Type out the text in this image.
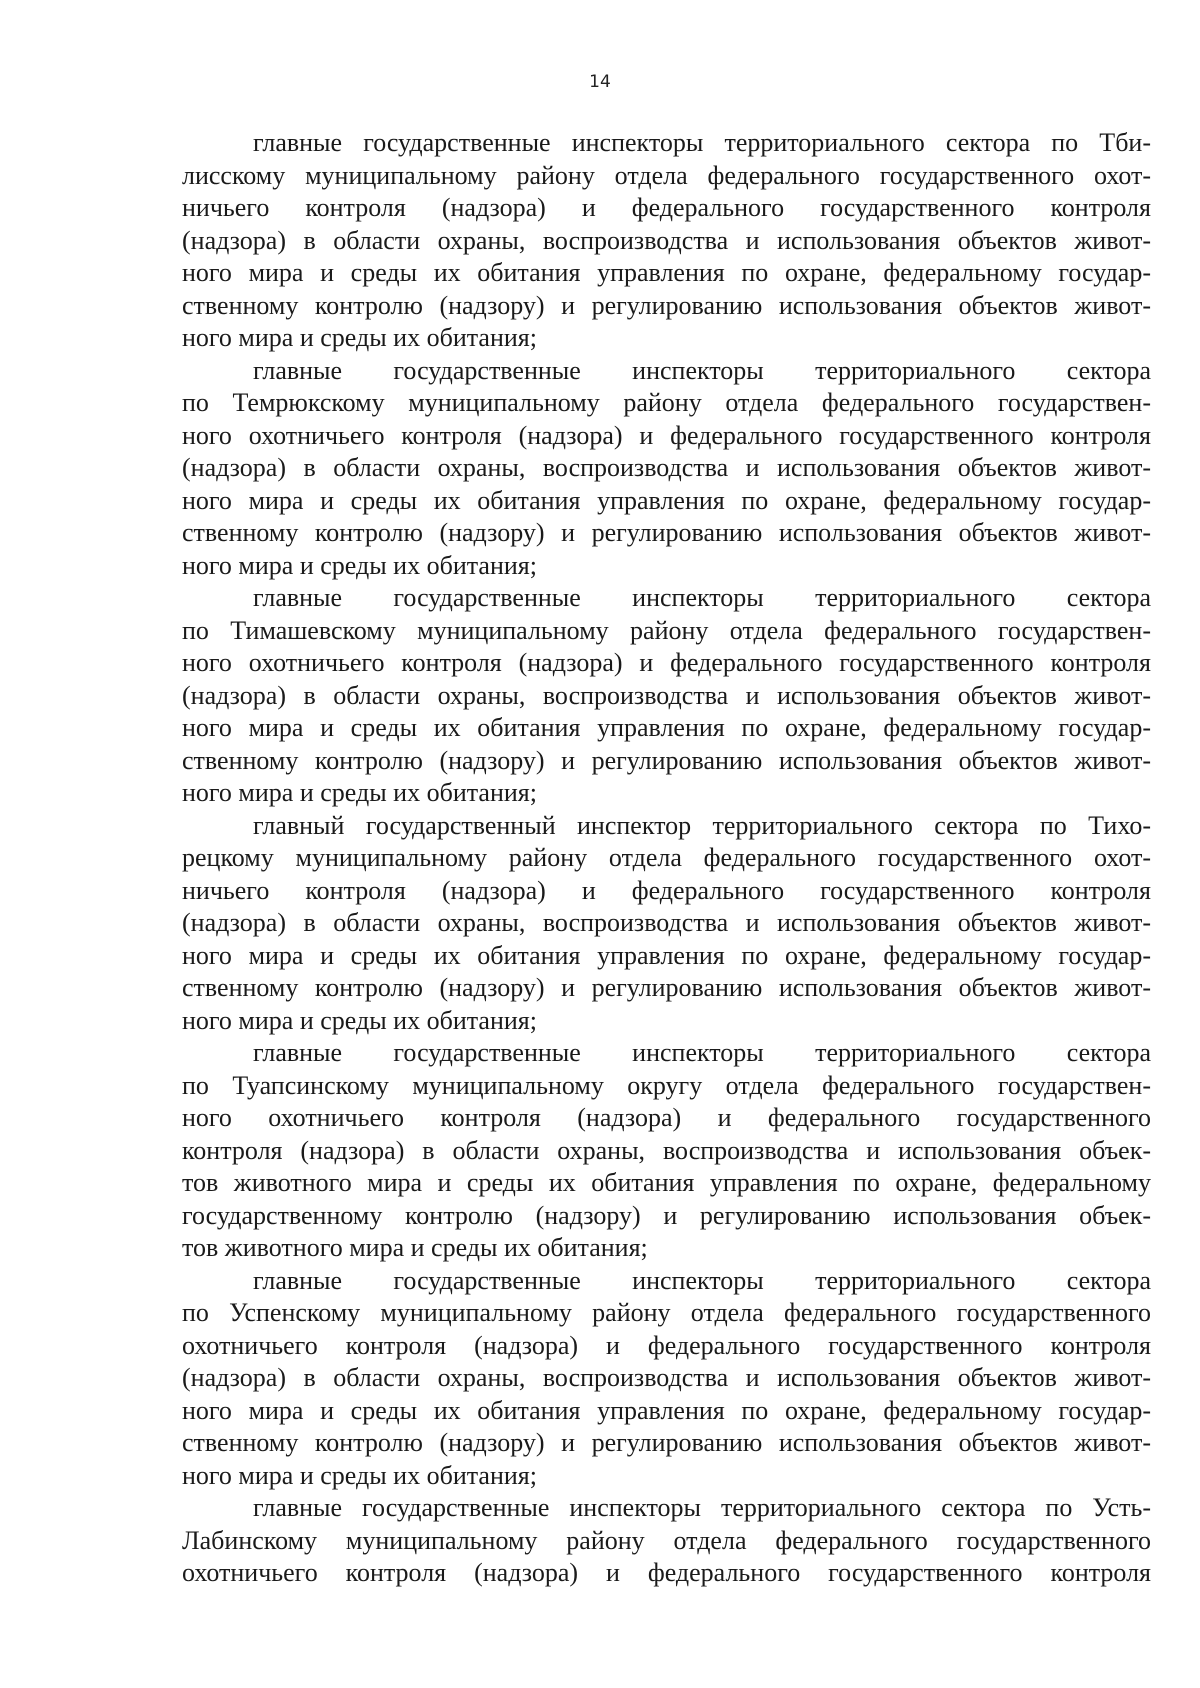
14

главные государственные инспекторы территориального сектора по Тби-
лисскому муниципальному району отдела федерального государственного охот-
ничьего контроля (надзора) и федерального государственного контроля
(надзора) в области охраны, воспроизводства и использования объектов живот-
ного мира и среды их обитания управления по охране, федеральному государ-
ственному контролю (надзору) и регулированию использования объектов живот-
ного мира и среды их обитания;

главные государственные инспекторы территориального сектора
по Темрюкскому муниципальному району отдела федерального государствен-
ного охотничьего контроля (надзора) и федерального государственного контроля
(надзора) в области охраны, воспроизводства и использования объектов живот-
ного мира и среды их обитания управления по охране, федеральному государ-
ственному контролю (надзору) и регулированию использования объектов живот-
ного мира и среды их обитания;

главные государственные инспекторы территориального сектора
по Тимашевскому муниципальному району отдела федерального государствен-
ного охотничьего контроля (надзора) и федерального государственного контроля
(надзора) в области охраны, воспроизводства и использования объектов живот-
ного мира и среды их обитания управления по охране, федеральному государ-
ственному контролю (надзору) и регулированию использования объектов живот-
ного мира и среды их обитания;

главный государственный инспектор территориального сектора по Тихо-
рецкому муниципальному району отдела федерального государственного охот-
ничьего контроля (надзора) и федерального государственного контроля
(надзора) в области охраны, воспроизводства и использования объектов живот-
ного мира и среды их обитания управления по охране, федеральному государ-
ственному контролю (надзору) и регулированию использования объектов живот-
ного мира и среды их обитания;

главные государственные инспекторы территориального сектора
по Туапсинскому муниципальному округу отдела федерального государствен-
ного охотничьего контроля (надзора) и федерального государственного
контроля (надзора) в области охраны, воспроизводства и использования объек-
тов животного мира и среды их обитания управления по охране, федеральному
государственному контролю (надзору) и регулированию использования объек-
тов животного мира и среды их обитания;

главные государственные инспекторы территориального сектора
по Успенскому муниципальному району отдела федерального государственного
охотничьего контроля (надзора) и федерального государственного контроля
(надзора) в области охраны, воспроизводства и использования объектов живот-
ного мира и среды их обитания управления по охране, федеральному государ-
ственному контролю (надзору) и регулированию использования объектов живот-
ного мира и среды их обитания;

главные государственные инспекторы территориального сектора по Усть-
Лабинскому муниципальному району отдела федерального государственного
охотничьего контроля (надзора) и федерального государственного контроля
